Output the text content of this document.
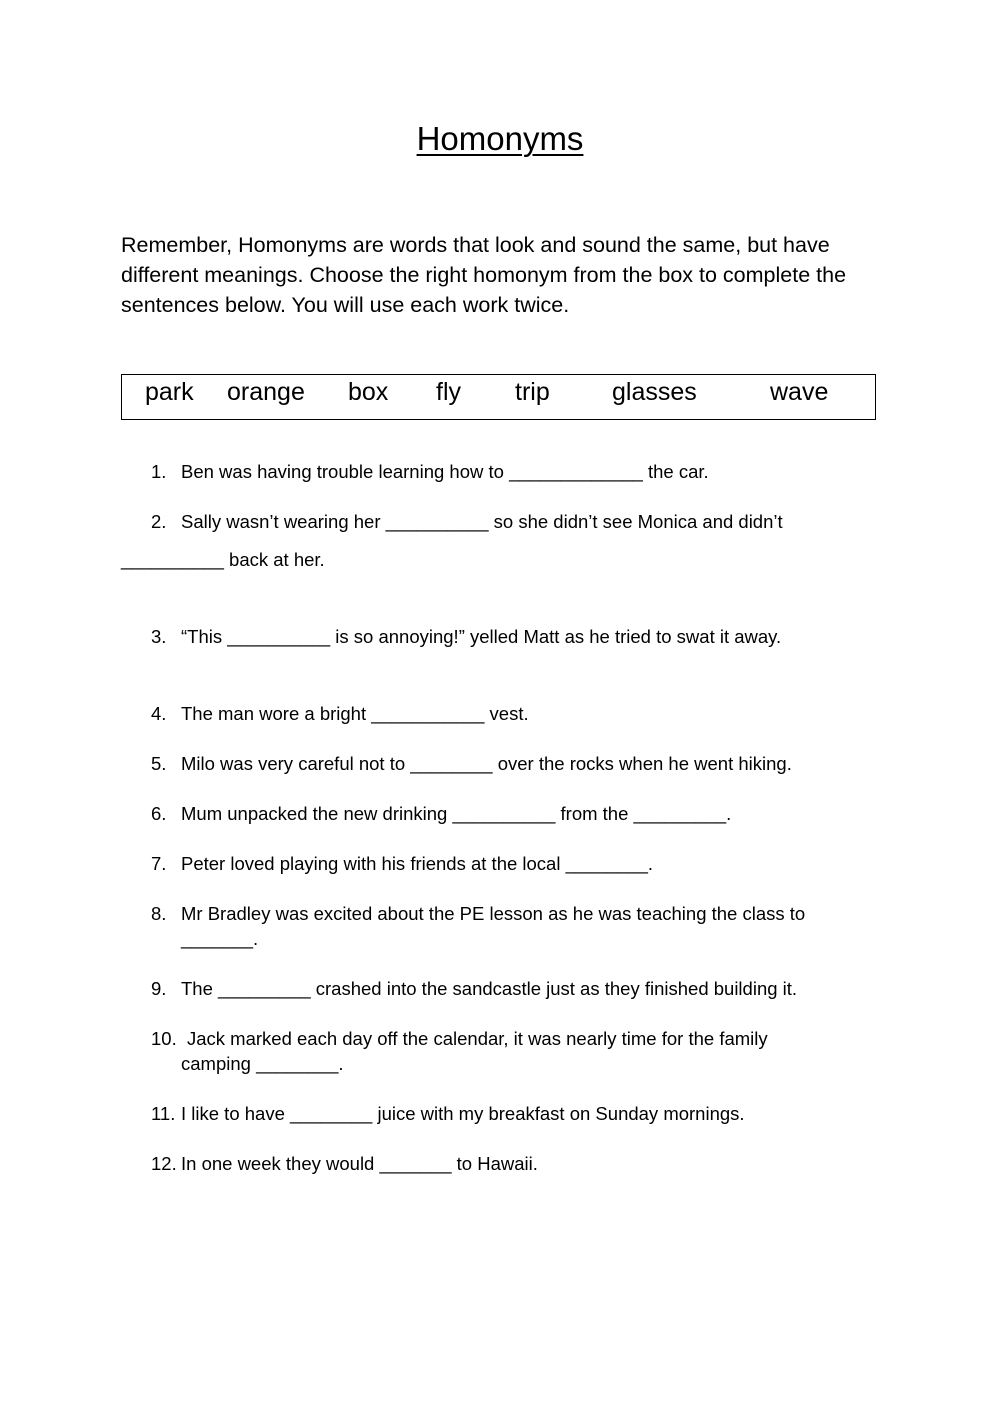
Homonyms

Remember, Homonyms are words that look and sound the same, but have different meanings. Choose the right homonym from the box to complete the sentences below. You will use each work twice.

park orange box fly trip glasses	wave
1. Ben was having trouble learning how to _____________ the car.
2. Sally wasn’t wearing her __________ so she didn’t see Monica and didn’t
__________ back at her.
3. “This __________ is so annoying!” yelled Matt as he tried to swat it away.
4. The man wore a bright ___________ vest.
5. Milo was very careful not to ________ over the rocks when he went hiking.
6. Mum unpacked the new drinking __________ from the _________.
7. Peter loved playing with his friends at the local ________.
8. Mr Bradley was excited about the PE lesson as he was teaching the class to
_______.
9. The _________ crashed into the sandcastle just as they finished building it.
10. Jack marked each day off the calendar, it was nearly time for the family
camping ________.
11. I like to have ________ juice with my breakfast on Sunday mornings.
12. In one week they would _______ to Hawaii.
